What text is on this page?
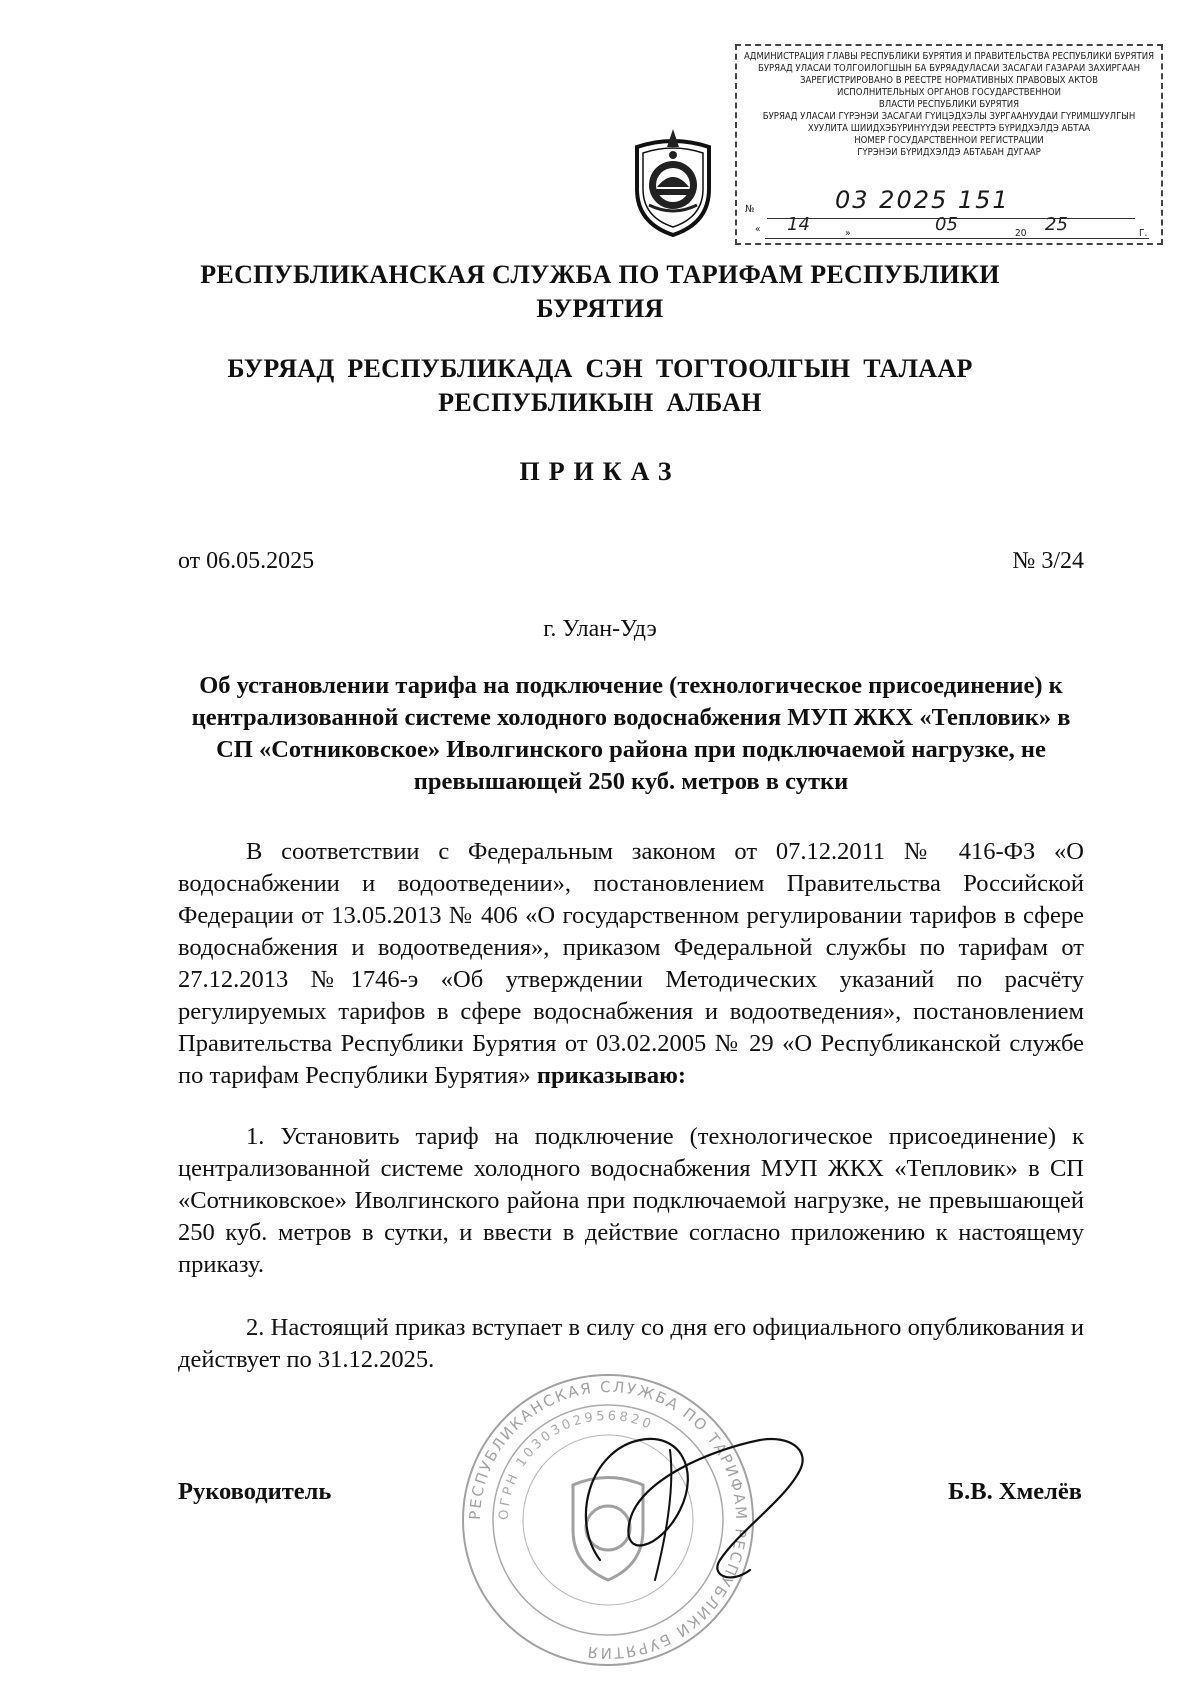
АДМИНИСТРАЦИЯ ГЛАВЫ РЕСПУБЛИКИ БУРЯТИЯ И ПРАВИТЕЛЬСТВА РЕСПУБЛИКИ БУРЯТИЯ
БУРЯАД УЛАСАЙ ТОЛГОЙЛОГШЫН БА БУРЯАДУЛАСАЙ ЗАСАГАЙ ГАЗАРАЙ ЗАХИРГААН
ЗАРЕГИСТРИРОВАНО В РЕЕСТРЕ НОРМАТИВНЫХ ПРАВОВЫХ АКТОВ
ИСПОЛНИТЕЛЬНЫХ ОРГАНОВ ГОСУДАРСТВЕННОЙ
ВЛАСТИ РЕСПУБЛИКИ БУРЯТИЯ
БУРЯАД УЛАСАЙ ГҮРЭНЭЙ ЗАСАГАЙ ГҮЙЦЭДХЭЛЫ ЗУРГААНУУДАЙ ГҮРИМШУУЛГЫН
ХУУЛИТА ШИИДХЭБҮРИНҮҮДЭЙ РЕЕСТРТЭ БҮРИДХЭЛДЭ АБТАА
НОМЕР ГОСУДАРСТВЕННОЙ РЕГИСТРАЦИИ
ГҮРЭНЭЙ БҮРИДХЭЛДЭ АБТАБАН ДУГААР
№	03 2025 151
« 14	»	05	20 25	Г.
РЕСПУБЛИКАНСКАЯ СЛУЖБА ПО ТАРИФАМ РЕСПУБЛИКИ БУРЯТИЯ
БУРЯАД РЕСПУБЛИКАДА СЭН ТОГТООЛГЫН ТАЛААР РЕСПУБЛИКЫН АЛБАН
ПРИКАЗ
от 06.05.2025	№ 3/24
г. Улан-Удэ
Об установлении тарифа на подключение (технологическое присоединение) к централизованной системе холодного водоснабжения МУП ЖКХ «Тепловик» в СП «Сотниковское» Иволгинского района при подключаемой нагрузке, не превышающей 250 куб. метров в сутки
В соответствии с Федеральным законом от 07.12.2011 № 416-ФЗ «О водоснабжении и водоотведении», постановлением Правительства Российской Федерации от 13.05.2013 № 406 «О государственном регулировании тарифов в сфере водоснабжения и водоотведения», приказом Федеральной службы по тарифам от 27.12.2013 №1746-э «Об утверждении Методических указаний по расчёту регулируемых тарифов в сфере водоснабжения и водоотведения», постановлением Правительства Республики Бурятия от 03.02.2005 № 29 «О Республиканской службе по тарифам Республики Бурятия» приказываю:
1. Установить тариф на подключение (технологическое присоединение) к централизованной системе холодного водоснабжения МУП ЖКХ «Тепловик» в СП «Сотниковское» Иволгинского района при подключаемой нагрузке, не превышающей 250 куб. метров в сутки, и ввести в действие согласно приложению к настоящему приказу.
2. Настоящий приказ вступает в силу со дня его официального опубликования и действует по 31.12.2025.
РЕСПУБЛИКАНСКАЯ СЛУЖБА ПО ТАРИФАМ РЕСПУБЛИКИ БУРЯТИЯ
ОГРН 1030302956820
Руководитель	Б.В. Хмелёв
